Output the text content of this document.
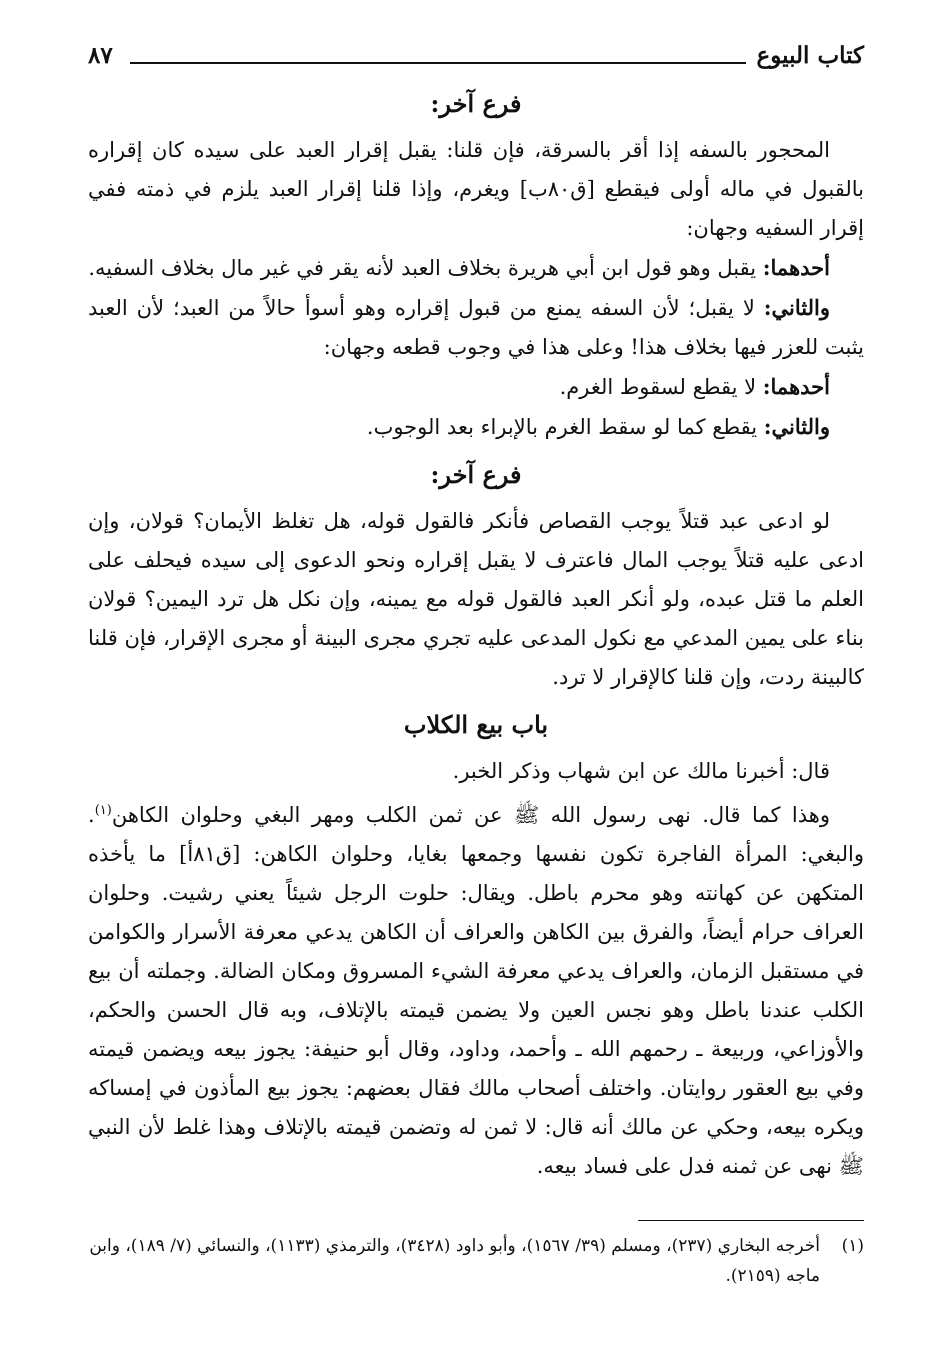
كتاب البيوع
٨٧
فرع آخر:

المحجور بالسفه إذا أقر بالسرقة، فإن قلنا: يقبل إقرار العبد على سيده كان إقراره بالقبول في ماله أولى فيقطع [ق٨٠ب] ويغرم، وإذا قلنا إقرار العبد يلزم في ذمته ففي إقرار السفيه وجهان:

أحدهما: يقبل وهو قول ابن أبي هريرة بخلاف العبد لأنه يقر في غير مال بخلاف السفيه.

والثاني: لا يقبل؛ لأن السفه يمنع من قبول إقراره وهو أسوأ حالاً من العبد؛ لأن العبد يثبت للعزر فيها بخلاف هذا! وعلى هذا في وجوب قطعه وجهان:

أحدهما: لا يقطع لسقوط الغرم.

والثاني: يقطع كما لو سقط الغرم بالإبراء بعد الوجوب.

فرع آخر:

لو ادعى عبد قتلاً يوجب القصاص فأنكر فالقول قوله، هل تغلظ الأيمان؟ قولان، وإن ادعى عليه قتلاً يوجب المال فاعترف لا يقبل إقراره ونحو الدعوى إلى سيده فيحلف على العلم ما قتل عبده، ولو أنكر العبد فالقول قوله مع يمينه، وإن نكل هل ترد اليمين؟ قولان بناء على يمين المدعي مع نكول المدعى عليه تجري مجرى البينة أو مجرى الإقرار، فإن قلنا كالبينة ردت، وإن قلنا كالإقرار لا ترد.

باب بيع الكلاب

قال: أخبرنا مالك عن ابن شهاب وذكر الخبر.

وهذا كما قال. نهى رسول الله ﷺ عن ثمن الكلب ومهر البغي وحلوان الكاهن$^{(١)}$. والبغي: المرأة الفاجرة تكون نفسها وجمعها بغايا، وحلوان الكاهن: [ق٨١أ] ما يأخذه المتكهن عن كهانته وهو محرم باطل. ويقال: حلوت الرجل شيئاً يعني رشيت. وحلوان العراف حرام أيضاً، والفرق بين الكاهن والعراف أن الكاهن يدعي معرفة الأسرار والكوامن في مستقبل الزمان، والعراف يدعي معرفة الشيء المسروق ومكان الضالة. وجملته أن بيع الكلب عندنا باطل وهو نجس العين ولا يضمن قيمته بالإتلاف، وبه قال الحسن والحكم، والأوزاعي، وربيعة ـ رحمهم الله ـ وأحمد، وداود، وقال أبو حنيفة: يجوز بيعه ويضمن قيمته وفي بيع العقور روايتان. واختلف أصحاب مالك فقال بعضهم: يجوز بيع المأذون في إمساكه ويكره بيعه، وحكي عن مالك أنه قال: لا ثمن له وتضمن قيمته بالإتلاف وهذا غلط لأن النبي ﷺ نهى عن ثمنه فدل على فساد بيعه.

(١)
أخرجه البخاري (٢٣٧)، ومسلم (٣٩/ ١٥٦٧)، وأبو داود (٣٤٢٨)، والترمذي (١١٣٣)، والنسائي (٧/ ١٨٩)، وابن ماجه (٢١٥٩).
